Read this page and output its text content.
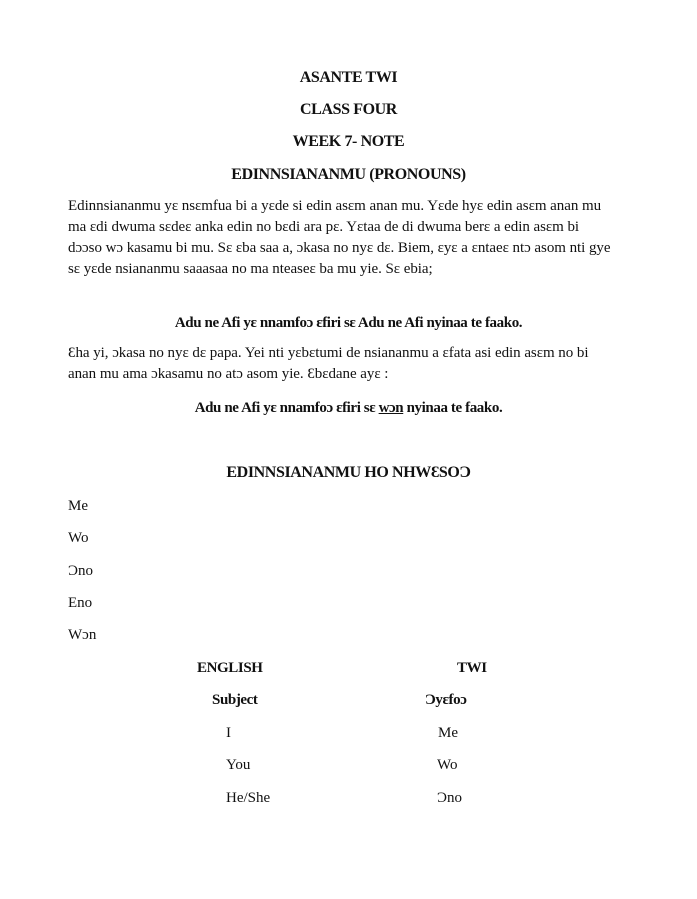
ASANTE TWI
CLASS FOUR
WEEK 7- NOTE
EDINNSIANANMU (PRONOUNS)
Edinnsiananmu yɛ nsɛmfua bi a yɛde si edin asɛm anan mu. Yɛde hyɛ edin asɛm anan mu ma ɛdi dwuma sɛdeɛ anka edin no bɛdi ara pɛ. Yɛtaa de di dwuma berɛ a edin asɛm bi dɔɔso wɔ kasamu bi mu. Sɛ ɛba saa a, ɔkasa no nyɛ dɛ. Biem, ɛyɛ a ɛntaeɛ ntɔ asom nti gye sɛ yɛde nsiananmu saaasaa no ma nteaseɛ ba mu yie. Sɛ ebia;
Adu ne Afi yɛ nnamfoɔ ɛfiri sɛ Adu ne Afi nyinaa te faako.
Ɛha yi, ɔkasa no nyɛ dɛ papa. Yei nti yɛbɛtumi de nsiananmu a ɛfata asi edin asɛm no bi anan mu ama ɔkasamu no atɔ asom yie. Ɛbɛdane ayɛ :
Adu ne Afi yɛ nnamfoɔ ɛfiri sɛ wɔn nyinaa te faako.
EDINNSIANANMU HO NHWƐSOƆ
Me
Wo
Ɔno
Eno
Wɔn
ENGLISH	TWI
Subject	Ɔyɛfoɔ
I	Me
You	Wo
He/She	Ɔno
